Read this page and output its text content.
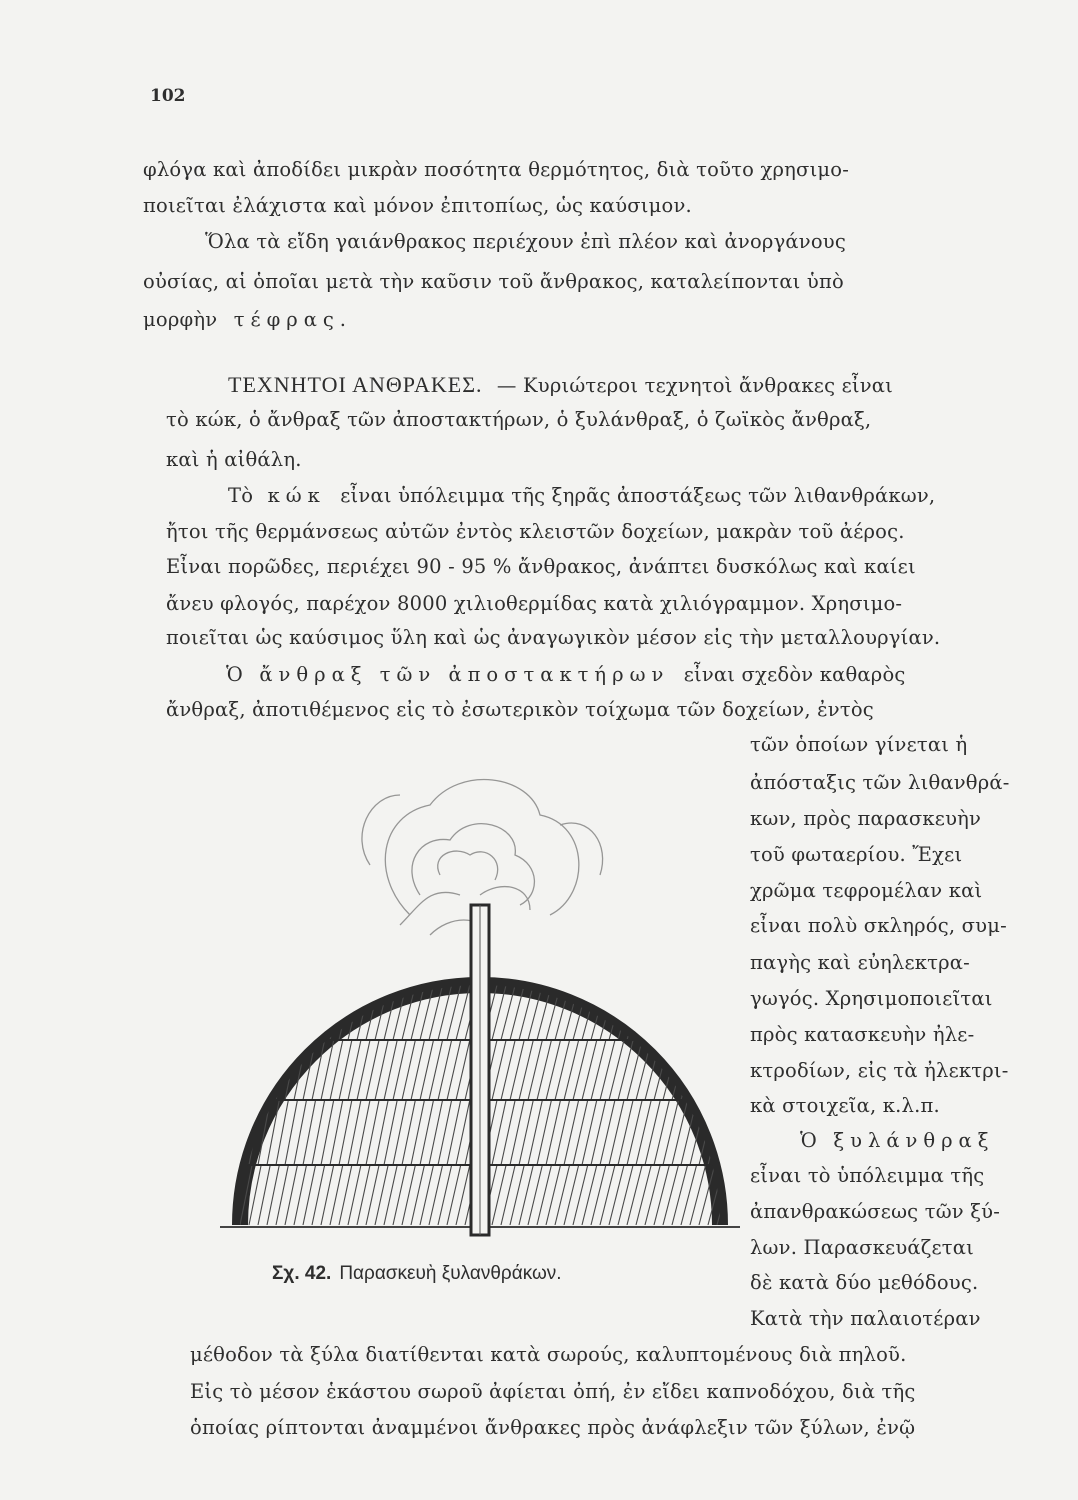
102
φλόγα καὶ ἀποδίδει μικρὰν ποσότητα θερμότητος, διὰ τοῦτο χρησιμο-
ποιεῖται ἐλάχιστα καὶ μόνον ἐπιτοπίως, ὡς καύσιμον.
Ὅλα τὰ εἴδη γαιάνθρακος περιέχουν ἐπὶ πλέον καὶ ἀνοργάνους
οὐσίας, αἱ ὁποῖαι μετὰ τὴν καῦσιν τοῦ ἄνθρακος, καταλείπονται ὑπὸ
μορφὴν τέφρας.
ΤΕΧΝΗΤΟΙ ΑΝΘΡΑΚΕΣ. — Κυριώτεροι τεχνητοὶ ἄνθρακες εἶναι
τὸ κώκ, ὁ ἄνθραξ τῶν ἀποστακτήρων, ὁ ξυλάνθραξ, ὁ ζωϊκὸς ἄνθραξ,
καὶ ἡ αἰθάλη.
Τὸ κώκ εἶναι ὑπόλειμμα τῆς ξηρᾶς ἀποστάξεως τῶν λιθανθράκων,
ἤτοι τῆς θερμάνσεως αὐτῶν ἐντὸς κλειστῶν δοχείων, μακρὰν τοῦ ἀέρος.
Εἶναι πορῶδες, περιέχει 90 - 95 % ἄνθρακος, ἀνάπτει δυσκόλως καὶ καίει
ἄνευ φλογός, παρέχον 8000 χιλιοθερμίδας κατὰ χιλιόγραμμον. Χρησιμο-
ποιεῖται ὡς καύσιμος ὕλη καὶ ὡς ἀναγωγικὸν μέσον εἰς τὴν μεταλλουργίαν.
Ὁ ἄνθραξ τῶν ἀποστακτήρων εἶναι σχεδὸν καθαρὸς
ἄνθραξ, ἀποτιθέμενος εἰς τὸ ἐσωτερικὸν τοίχωμα τῶν δοχείων, ἐντὸς
τῶν ὁποίων γίνεται ἡ
ἀπόσταξις τῶν λιθανθρά-
κων, πρὸς παρασκευὴν
τοῦ φωταερίου. Ἔχει
χρῶμα τεφρομέλαν καὶ
εἶναι πολὺ σκληρός, συμ-
παγὴς καὶ εὐηλεκτρα-
γωγός. Χρησιμοποιεῖται
πρὸς κατασκευὴν ἠλε-
κτροδίων, εἰς τὰ ἠλεκτρι-
κὰ στοιχεῖα, κ.λ.π.
Ὁ ξυλάνθραξ
εἶναι τὸ ὑπόλειμμα τῆς
ἀπανθρακώσεως τῶν ξύ-
λων. Παρασκευάζεται
δὲ κατὰ δύο μεθόδους.
Κατὰ τὴν παλαιοτέραν
μέθοδον τὰ ξύλα διατίθενται κατὰ σωρούς, καλυπτομένους διὰ πηλοῦ.
Εἰς τὸ μέσον ἑκάστου σωροῦ ἀφίεται ὀπή, ἐν εἴδει καπνοδόχου, διὰ τῆς
ὁποίας ρίπτονται ἀναμμένοι ἄνθρακες πρὸς ἀνάφλεξιν τῶν ξύλων, ἐνῷ
Σχ. 42. Παρασκευὴ ξυλανθράκων.
